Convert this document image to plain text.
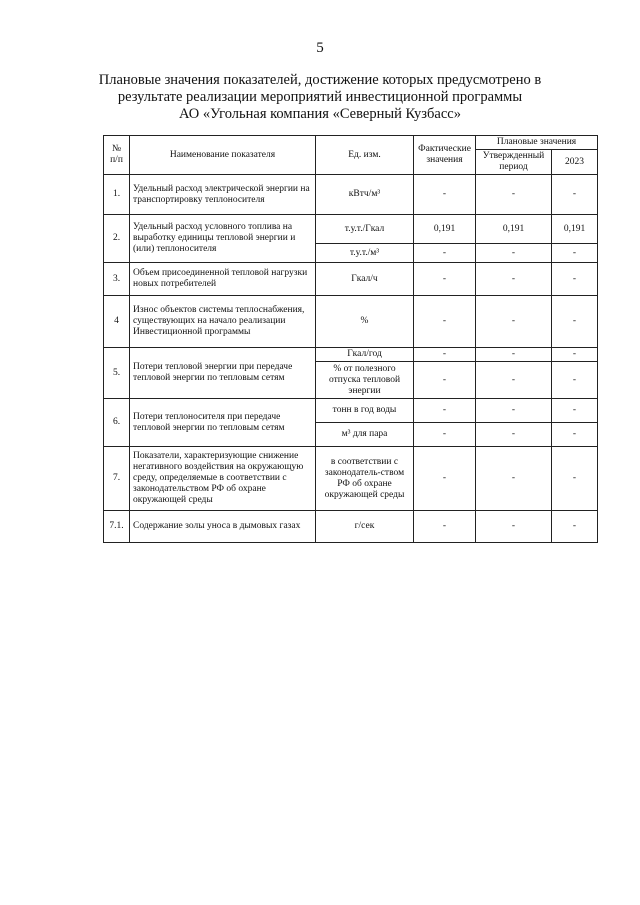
5
Плановые значения показателей, достижение которых предусмотрено в
результате реализации мероприятий инвестиционной программы
АО «Угольная компания «Северный Кузбасс»
№ п/п	Наименование показателя	Ед. изм.	Фактические значения	Плановые значения	
				Утвержденный период	2023
1.	Удельный расход электрической энергии на транспортировку теплоносителя	кВтч/м³	-	-	-
2.	Удельный расход условного топлива на выработку единицы тепловой энергии и (или) теплоносителя	т.у.т./Гкал	0,191	0,191	0,191
		т.у.т./м³	-	-	-
3.	Объем присоединенной тепловой нагрузки новых потребителей	Гкал/ч	-	-	-
4	Износ объектов системы теплоснабжения, существующих на начало реализации Инвестиционной программы	%	-	-	-
5.	Потери тепловой энергии при передаче тепловой энергии по тепловым сетям	Гкал/год	-	-	-
		% от полезного отпуска тепловой энергии	-	-	-
6.	Потери теплоносителя при передаче тепловой энергии по тепловым сетям	тонн в год воды	-	-	-
		м³ для пара	-	-	-
7.	Показатели, характеризующие снижение негативного воздействия на окружающую среду, определяемые в соответствии с законодательством РФ об охране окружающей среды	в соответствии с законодатель-ством РФ об охране окружающей среды	-	-	-
7.1.	Содержание золы уноса в дымовых газах	г/сек	-	-	-
